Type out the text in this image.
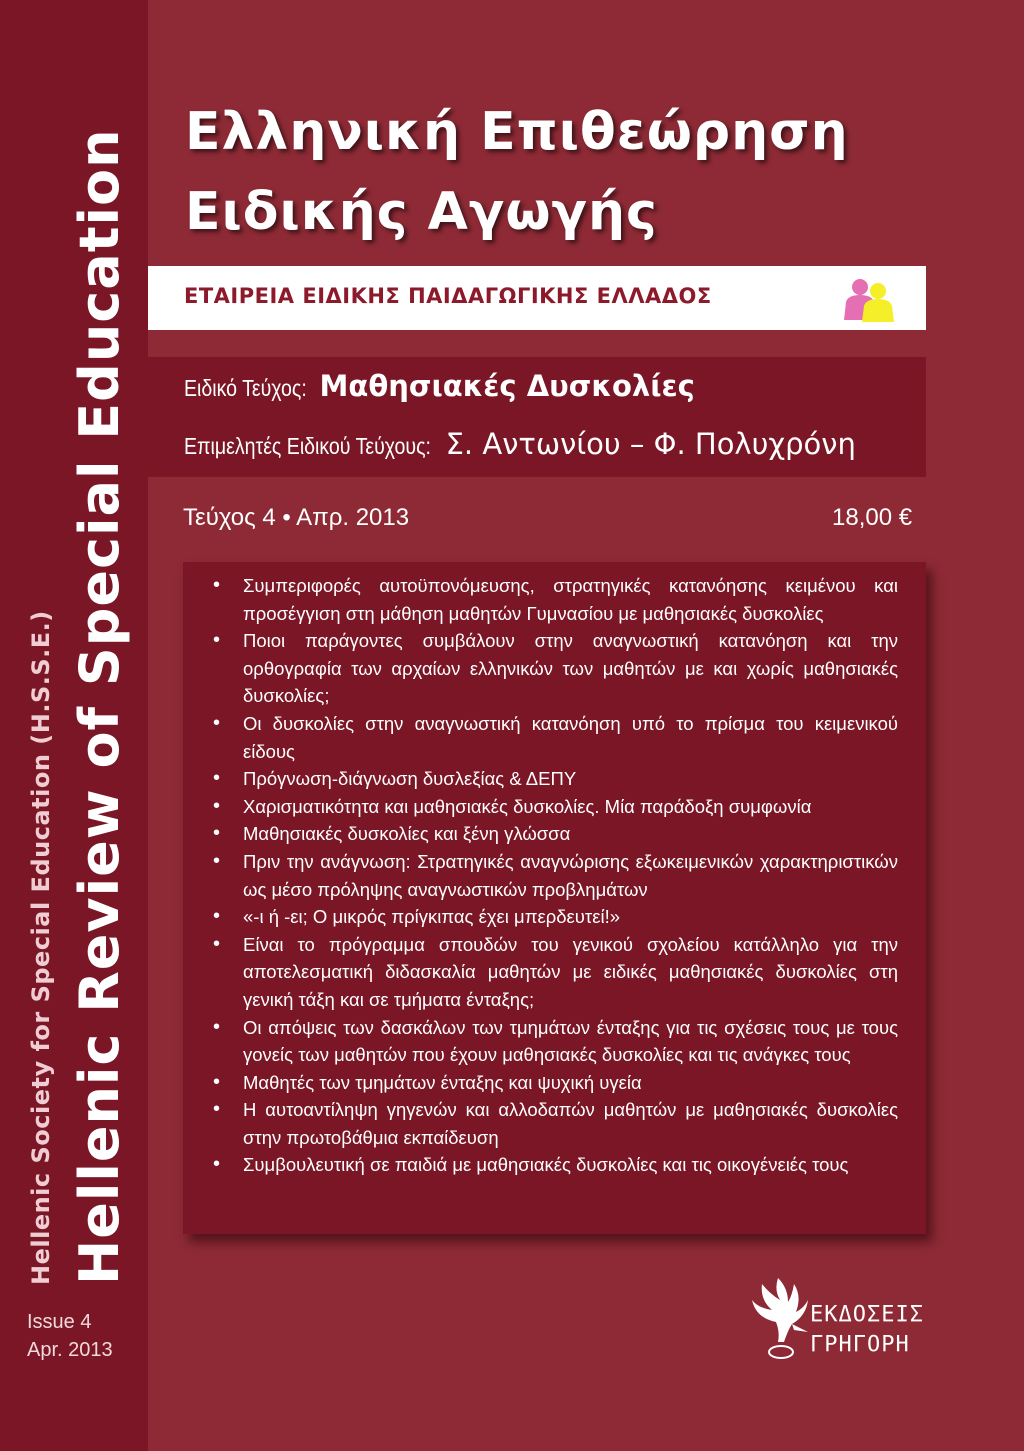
Hellenic Review of Special Education
Hellenic Society for Special Education (H.S.S.E.)
Issue 4
Apr. 2013
Ελληνική Επιθεώρηση
Ειδικής Αγωγής
ΕΤΑΙΡΕΙΑ ΕΙΔΙΚΗΣ ΠΑΙΔΑΓΩΓΙΚΗΣ ΕΛΛΑΔΟΣ
Ειδικό Τεύχος: Μαθησιακές Δυσκολίες
Επιμελητές Ειδικού Τεύχους: Σ. Αντωνίου – Φ. Πολυχρόνη
Τεύχος 4 • Απρ. 2013	18,00 €
• Συμπεριφορές αυτοϋπονόμευσης, στρατηγικές κατανόησης κειμένου και προσέγγιση στη μάθηση μαθητών Γυμνασίου με μαθησιακές δυσκολίες
• Ποιοι παράγοντες συμβάλουν στην αναγνωστική κατανόηση και την ορθογραφία των αρχαίων ελληνικών των μαθητών με και χωρίς μαθησιακές δυσκολίες;
• Οι δυσκολίες στην αναγνωστική κατανόηση υπό το πρίσμα του κειμενικού είδους
• Πρόγνωση-διάγνωση δυσλεξίας & ΔΕΠΥ
• Χαρισματικότητα και μαθησιακές δυσκολίες. Μία παράδοξη συμφωνία
• Μαθησιακές δυσκολίες και ξένη γλώσσα
• Πριν την ανάγνωση: Στρατηγικές αναγνώρισης εξωκειμενικών χαρακτηριστικών ως μέσο πρόληψης αναγνωστικών προβλημάτων
• «-ι ή -ει; Ο μικρός πρίγκιπας έχει μπερδευτεί!»
• Είναι το πρόγραμμα σπουδών του γενικού σχολείου κατάλληλο για την αποτελεσματική διδασκαλία μαθητών με ειδικές μαθησιακές δυσκολίες στη γενική τάξη και σε τμήματα ένταξης;
• Οι απόψεις των δασκάλων των τμημάτων ένταξης για τις σχέσεις τους με τους γονείς των μαθητών που έχουν μαθησιακές δυσκολίες και τις ανάγκες τους
• Μαθητές των τμημάτων ένταξης και ψυχική υγεία
• Η αυτοαντίληψη γηγενών και αλλοδαπών μαθητών με μαθησιακές δυσκολίες στην πρωτοβάθμια εκπαίδευση
• Συμβουλευτική σε παιδιά με μαθησιακές δυσκολίες και τις οικογένειές τους
ΕΚΔΟΣΕΙΣ
ΓΡΗΓΟΡΗ
